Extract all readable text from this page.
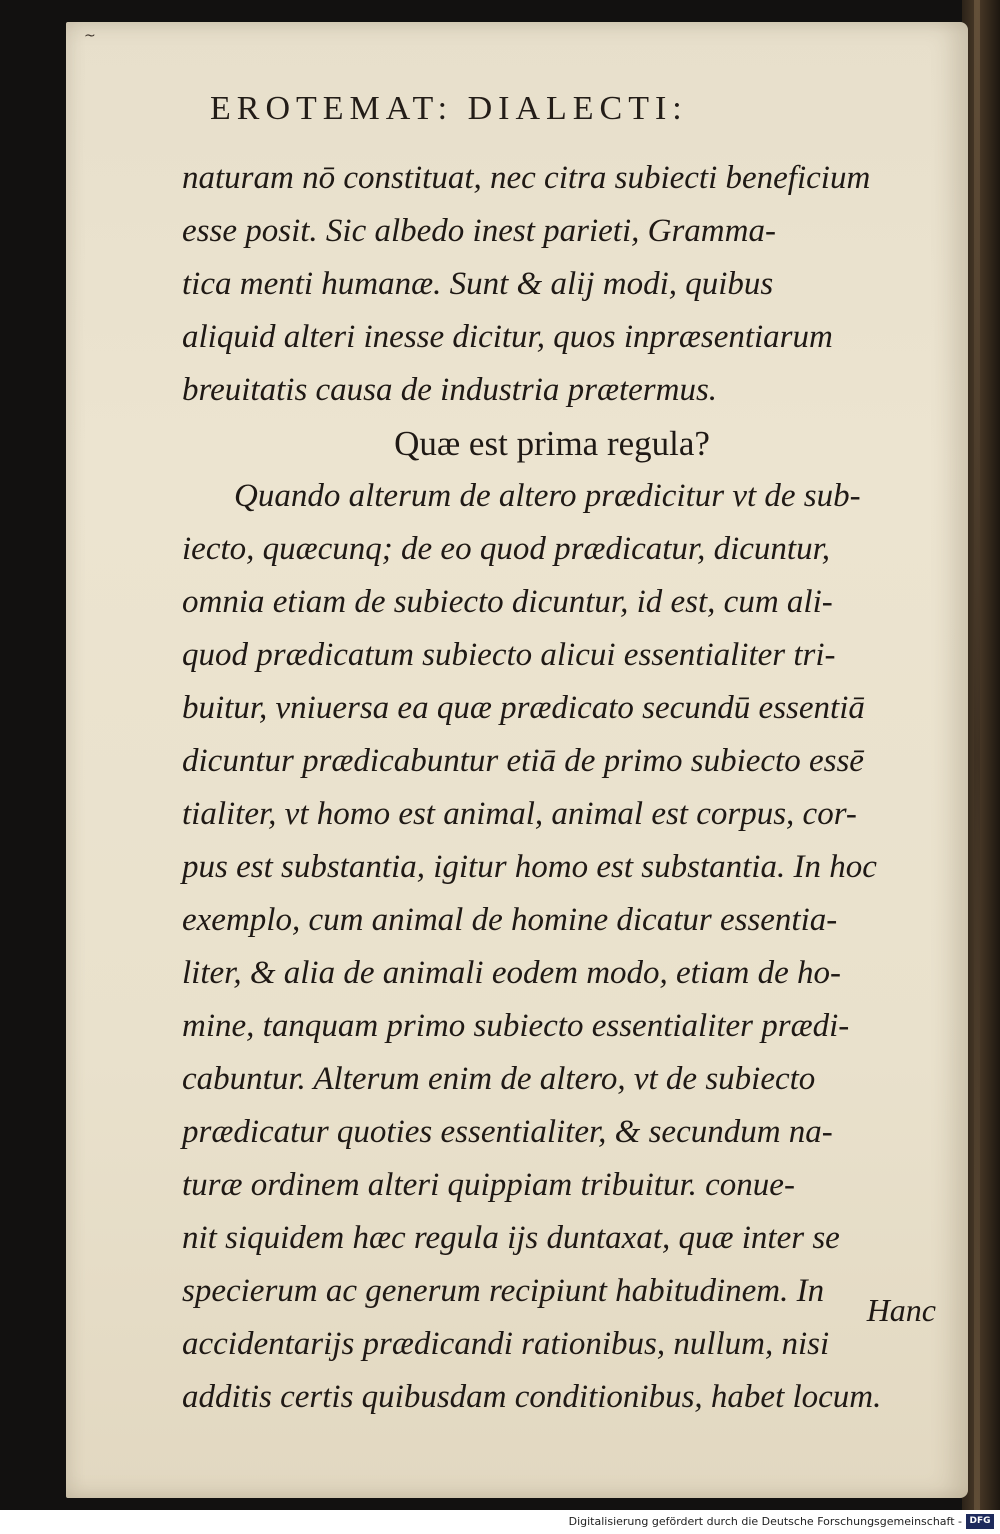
~
EROTEMAT: DIALECTI:
naturam nō constituat, nec citra subiecti beneficium
esse posit. Sic albedo inest parieti, Gramma-
tica menti humanæ. Sunt & alij modi, quibus
aliquid alteri inesse dicitur, quos inpræsentiarum
breuitatis causa de industria prætermus.
Quæ est prima regula?
Quando alterum de altero prædicitur vt de sub-
iecto, quæcunq; de eo quod prædicatur, dicuntur,
omnia etiam de subiecto dicuntur, id est, cum ali-
quod prædicatum subiecto alicui essentialiter tri-
buitur, vniuersa ea quæ prædicato secundū essentiā
dicuntur prædicabuntur etiā de primo subiecto essē
tialiter, vt homo est animal, animal est corpus, cor-
pus est substantia, igitur homo est substantia. In hoc
exemplo, cum animal de homine dicatur essentia-
liter, & alia de animali eodem modo, etiam de ho-
mine, tanquam primo subiecto essentialiter prædi-
cabuntur. Alterum enim de altero, vt de subiecto
prædicatur quoties essentialiter, & secundum na-
turæ ordinem alteri quippiam tribuitur. conue-
nit siquidem hæc regula ijs duntaxat, quæ inter se
specierum ac generum recipiunt habitudinem. In
accidentarijs prædicandi rationibus, nullum, nisi
additis certis quibusdam conditionibus, habet locum.
Hanc
Digitalisierung gefördert durch die Deutsche Forschungsgemeinschaft - DFG
